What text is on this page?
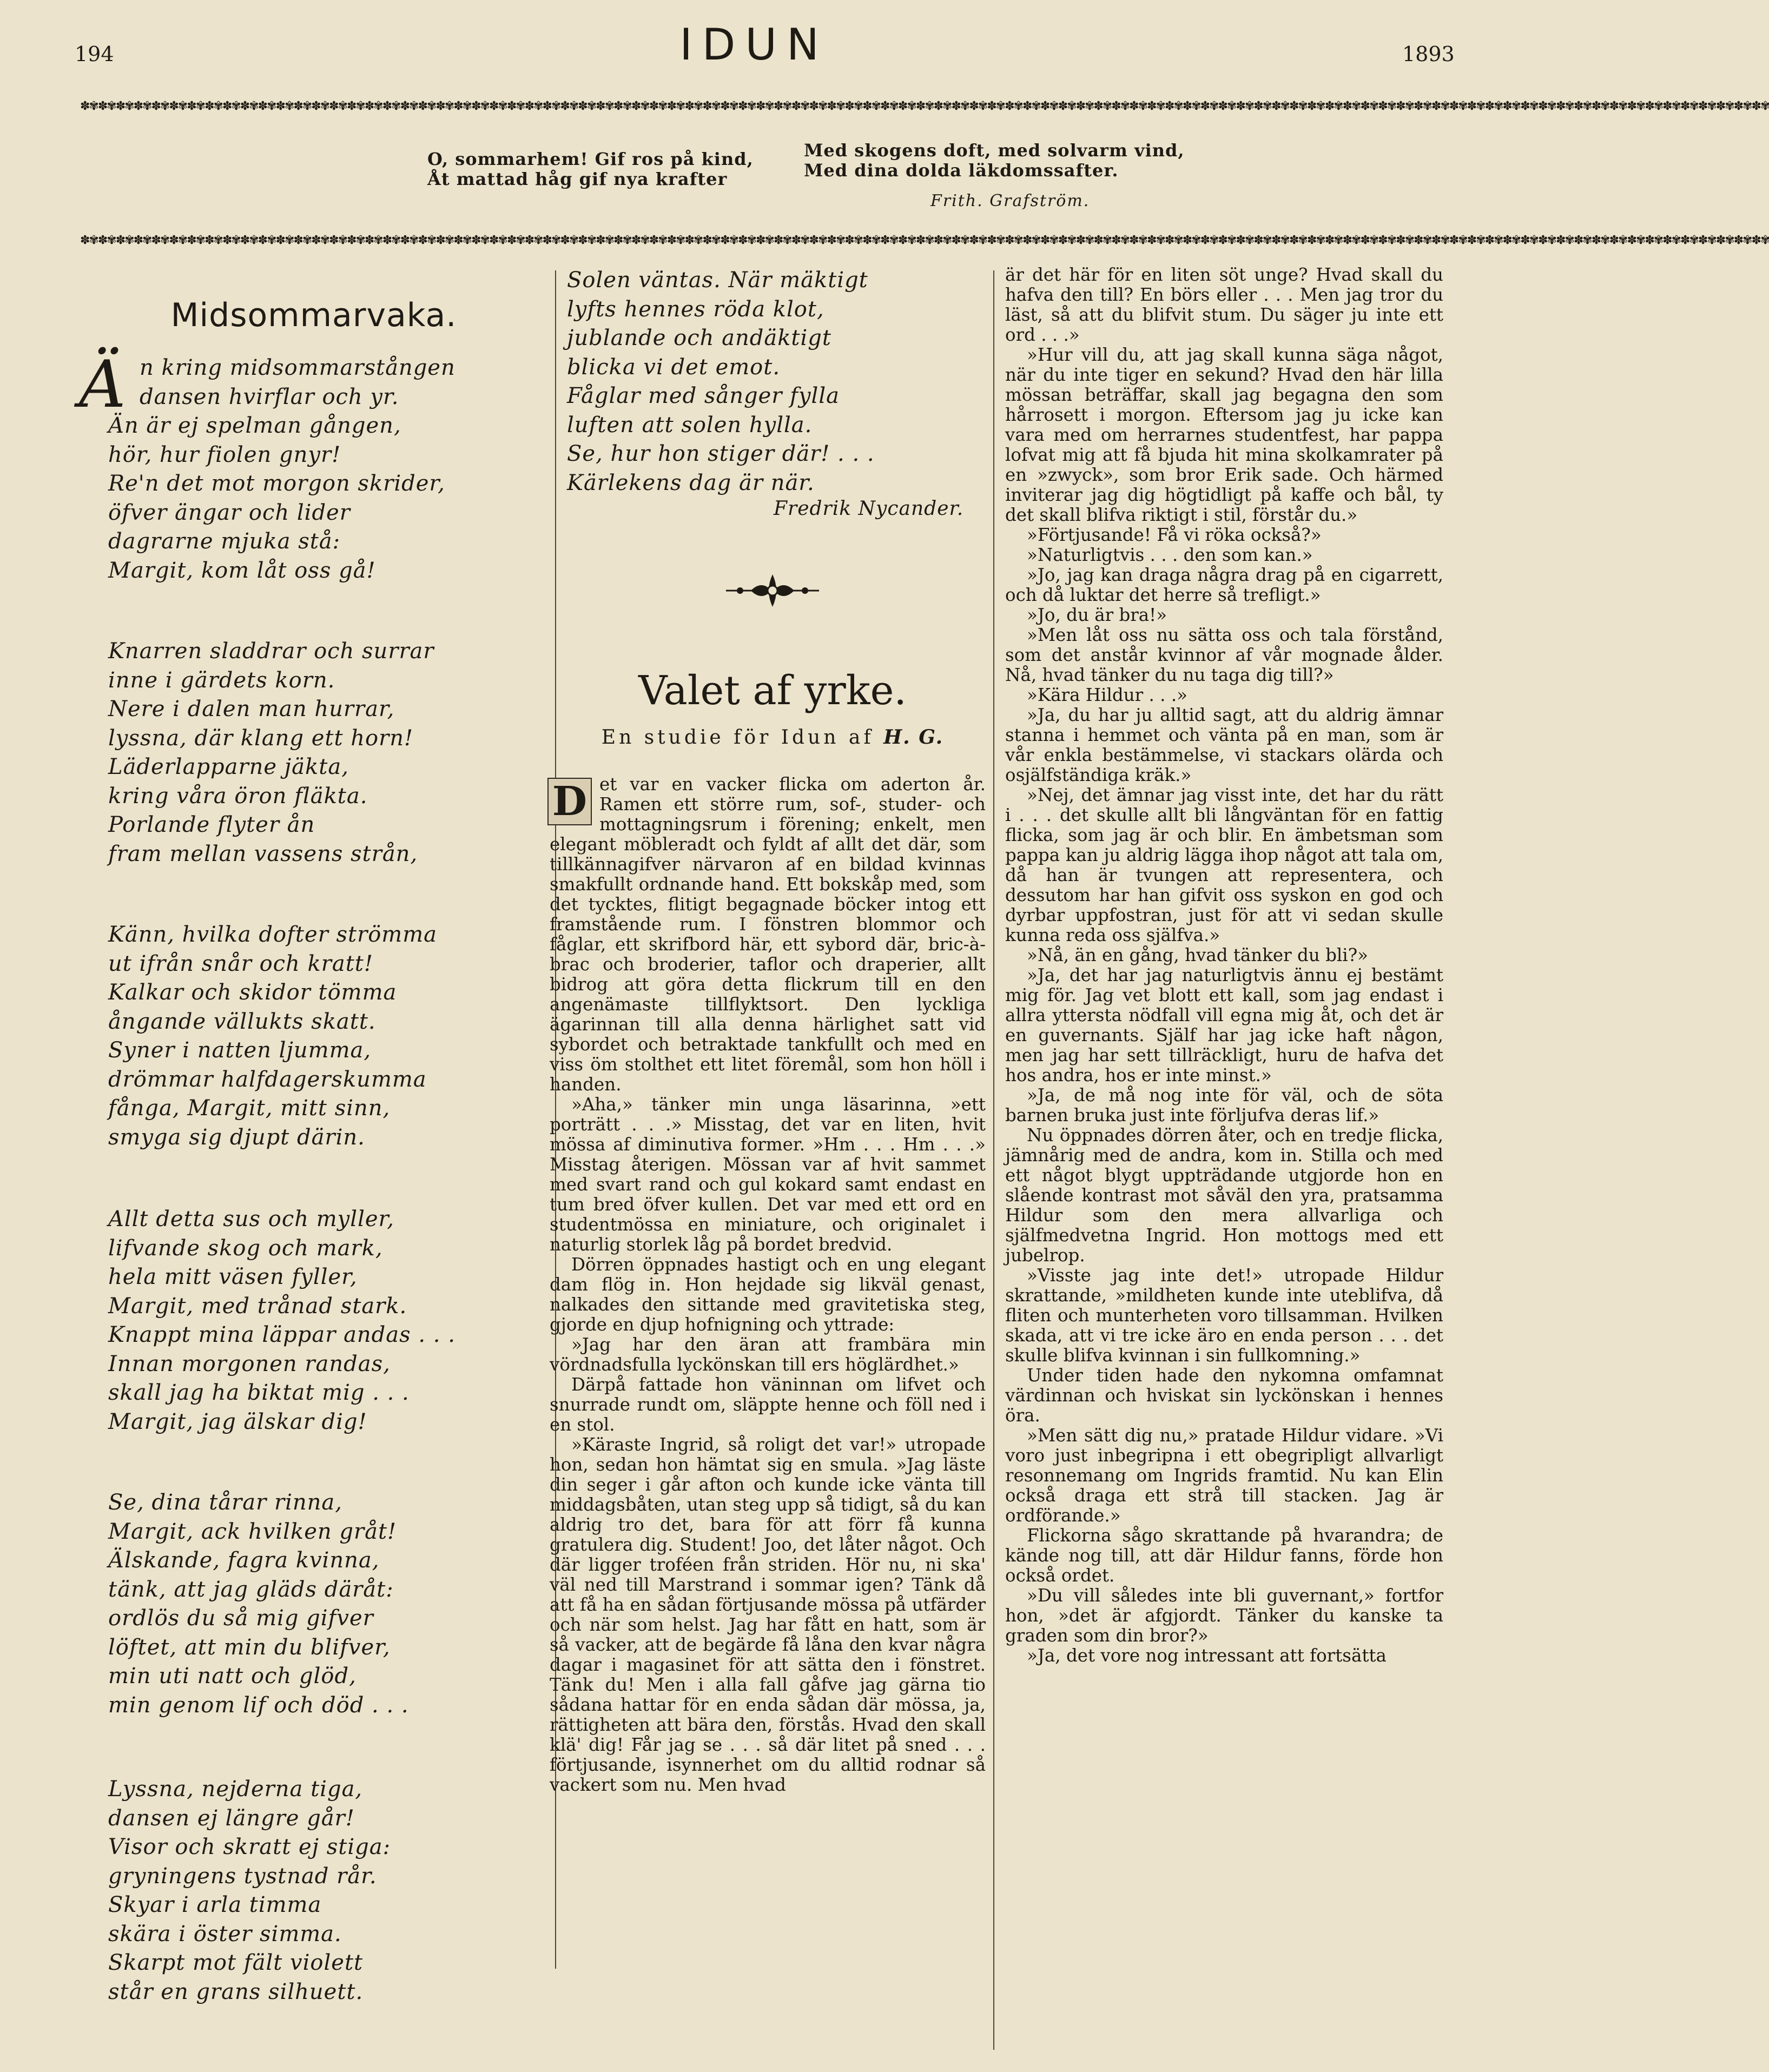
194	IDUN	1893
✽✾✽✾✽✾✽✾✽✾✽✾✽✾✽✾✽✾✽✾✽✾✽✾✽✾✽✾✽✾✽✾✽✾✽✾✽✾✽✾✽✾✽✾✽✾✽✾✽✾✽✾✽✾✽✾✽✾✽✾✽✾✽✾✽✾✽✾✽✾✽✾✽✾✽✾✽✾✽✾✽✾✽✾✽✾✽✾✽✾✽✾✽✾✽✾✽✾✽✾✽✾✽✾✽✾✽✾✽✾✽✾✽✾✽✾✽✾✽✾✽✾✽✾✽✾✽✾✽✾✽✾✽✾✽✾✽✾✽✾✽✾✽✾✽✾✽✾✽✾✽✾✽✾✽✾✽✾✽✾✽✾✽✾✽✾✽✾✽✾✽✾✽✾✽✾✽✾✽✾✽✾✽✾✽✾✽✾✽✾
O, sommarhem! Gif ros på kind,
Åt mattad håg gif nya krafter
Med skogens doft, med solvarm vind,
Med dina dolda läkdomssafter.
Frith. Grafström.
✽✾✽✾✽✾✽✾✽✾✽✾✽✾✽✾✽✾✽✾✽✾✽✾✽✾✽✾✽✾✽✾✽✾✽✾✽✾✽✾✽✾✽✾✽✾✽✾✽✾✽✾✽✾✽✾✽✾✽✾✽✾✽✾✽✾✽✾✽✾✽✾✽✾✽✾✽✾✽✾✽✾✽✾✽✾✽✾✽✾✽✾✽✾✽✾✽✾✽✾✽✾✽✾✽✾✽✾✽✾✽✾✽✾✽✾✽✾✽✾✽✾✽✾✽✾✽✾✽✾✽✾✽✾✽✾✽✾✽✾✽✾✽✾✽✾✽✾✽✾✽✾✽✾✽✾✽✾✽✾✽✾✽✾✽✾✽✾✽✾✽✾✽✾✽✾✽✾✽✾✽✾✽✾✽✾✽✾✽✾
Midsommarvaka.
Ä n kring midsommarstången
dansen hvirflar och yr.
Än är ej spelman gången,
hör, hur fiolen gnyr!
Re'n det mot morgon skrider,
öfver ängar och lider
dagrarne mjuka stå:
Margit, kom låt oss gå!
Knarren sladdrar och surrar
inne i gärdets korn.
Nere i dalen man hurrar,
lyssna, där klang ett horn!
Läderlapparne jäkta,
kring våra öron fläkta.
Porlande flyter ån
fram mellan vassens strån,
Känn, hvilka dofter strömma
ut ifrån snår och kratt!
Kalkar och skidor tömma
ångande vällukts skatt.
Syner i natten ljumma,
drömmar halfdagerskumma
fånga, Margit, mitt sinn,
smyga sig djupt därin.
Allt detta sus och myller,
lifvande skog och mark,
hela mitt väsen fyller,
Margit, med trånad stark.
Knappt mina läppar andas . . .
Innan morgonen randas,
skall jag ha biktat mig . . .
Margit, jag älskar dig!
Se, dina tårar rinna,
Margit, ack hvilken gråt!
Älskande, fagra kvinna,
tänk, att jag gläds däråt:
ordlös du så mig gifver
löftet, att min du blifver,
min uti natt och glöd,
min genom lif och död . . .
Lyssna, nejderna tiga,
dansen ej längre går!
Visor och skratt ej stiga:
gryningens tystnad rår.
Skyar i arla timma
skära i öster simma.
Skarpt mot fält violett
står en grans silhuett.
Solen väntas. När mäktigt
lyfts hennes röda klot,
jublande och andäktigt
blicka vi det emot.
Fåglar med sånger fylla
luften att solen hylla.
Se, hur hon stiger där! . . .
Kärlekens dag är när.
Fredrik Nycander.
Valet af yrke.
En studie för Idun af H. G.

et var en vacker flicka om aderton år. Ramen ett större rum, sof-, studer- och mottagningsrum i förening; enkelt, men elegant möbleradt och fyldt af allt det där, som tillkännagifver närvaron af en bildad kvinnas smakfullt ordnande hand. Ett bokskåp med, som det tycktes, flitigt begagnade böcker intog ett framstående rum. I fönstren blommor och fåglar, ett skrifbord här, ett sybord där, bric-à-brac och broderier, taflor och draperier, allt bidrog att göra detta flickrum till en den angenämaste tillflyktsort. Den lyckliga ägarinnan till alla denna härlighet satt vid sybordet och betraktade tankfullt och med en viss öm stolthet ett litet föremål, som hon höll i handen.

»Aha,» tänker min unga läsarinna, »ett porträtt . . .» Misstag, det var en liten, hvit mössa af diminutiva former. »Hm . . . Hm . . .» Misstag återigen. Mössan var af hvit sammet med svart rand och gul kokard samt endast en tum bred öfver kullen. Det var med ett ord en studentmössa en miniature, och originalet i naturlig storlek låg på bordet bredvid.

Dörren öppnades hastigt och en ung elegant dam flög in. Hon hejdade sig likväl genast, nalkades den sittande med gravitetiska steg, gjorde en djup hofnigning och yttrade:

»Jag har den äran att frambära min vördnadsfulla lyckönskan till ers höglärdhet.»

Därpå fattade hon väninnan om lifvet och snurrade rundt om, släppte henne och föll ned i en stol.

»Käraste Ingrid, så roligt det var!» utropade hon, sedan hon hämtat sig en smula. »Jag läste din seger i går afton och kunde icke vänta till middagsbåten, utan steg upp så tidigt, så du kan aldrig tro det, bara för att förr få kunna gratulera dig. Student! Joo, det låter något. Och där ligger troféen från striden. Hör nu, ni ska' väl ned till Marstrand i sommar igen? Tänk då att få ha en sådan förtjusande mössa på utfärder och när som helst. Jag har fått en hatt, som är så vacker, att de begärde få låna den kvar några dagar i magasinet för att sätta den i fönstret. Tänk du! Men i alla fall gåfve jag gärna tio sådana hattar för en enda sådan där mössa, ja, rättigheten att bära den, förstås. Hvad den skall klä' dig! Får jag se . . . så där litet på sned . . . förtjusande, isynnerhet om du alltid rodnar så vackert som nu. Men hvad

D

är det här för en liten söt unge? Hvad skall du hafva den till? En börs eller . . . Men jag tror du läst, så att du blifvit stum. Du säger ju inte ett ord . . .»

»Hur vill du, att jag skall kunna säga något, när du inte tiger en sekund? Hvad den här lilla mössan beträffar, skall jag begagna den som hårrosett i morgon. Eftersom jag ju icke kan vara med om herrarnes studentfest, har pappa lofvat mig att få bjuda hit mina skolkamrater på en »zwyck», som bror Erik sade. Och härmed inviterar jag dig högtidligt på kaffe och bål, ty det skall blifva riktigt i stil, förstår du.»

»Förtjusande! Få vi röka också?»

»Naturligtvis . . . den som kan.»

»Jo, jag kan draga några drag på en cigarrett, och då luktar det herre så trefligt.»

»Jo, du är bra!»

»Men låt oss nu sätta oss och tala förstånd, som det anstår kvinnor af vår mognade ålder. Nå, hvad tänker du nu taga dig till?»

»Kära Hildur . . .»

»Ja, du har ju alltid sagt, att du aldrig ämnar stanna i hemmet och vänta på en man, som är vår enkla bestämmelse, vi stackars olärda och osjälfständiga kräk.»

»Nej, det ämnar jag visst inte, det har du rätt i . . . det skulle allt bli långväntan för en fattig flicka, som jag är och blir. En ämbetsman som pappa kan ju aldrig lägga ihop något att tala om, då han är tvungen att representera, och dessutom har han gifvit oss syskon en god och dyrbar uppfostran, just för att vi sedan skulle kunna reda oss själfva.»

»Nå, än en gång, hvad tänker du bli?»

»Ja, det har jag naturligtvis ännu ej bestämt mig för. Jag vet blott ett kall, som jag endast i allra yttersta nödfall vill egna mig åt, och det är en guvernants. Själf har jag icke haft någon, men jag har sett tillräckligt, huru de hafva det hos andra, hos er inte minst.»

»Ja, de må nog inte för väl, och de söta barnen bruka just inte förljufva deras lif.»

Nu öppnades dörren åter, och en tredje flicka, jämnårig med de andra, kom in. Stilla och med ett något blygt uppträdande utgjorde hon en slående kontrast mot såväl den yra, pratsamma Hildur som den mera allvarliga och själfmedvetna Ingrid. Hon mottogs med ett jubelrop.

»Visste jag inte det!» utropade Hildur skrattande, »mildheten kunde inte uteblifva, då fliten och munterheten voro tillsamman. Hvilken skada, att vi tre icke äro en enda person . . . det skulle blifva kvinnan i sin fullkomning.»

Under tiden hade den nykomna omfamnat värdinnan och hviskat sin lyckönskan i hennes öra.

»Men sätt dig nu,» pratade Hildur vidare. »Vi voro just inbegripna i ett obegripligt allvarligt resonnemang om Ingrids framtid. Nu kan Elin också draga ett strå till stacken. Jag är ordförande.»

Flickorna sågo skrattande på hvarandra; de kände nog till, att där Hildur fanns, förde hon också ordet.

»Du vill således inte bli guvernant,» fortfor hon, »det är afgjordt. Tänker du kanske ta graden som din bror?»

»Ja, det vore nog intressant att fortsätta
